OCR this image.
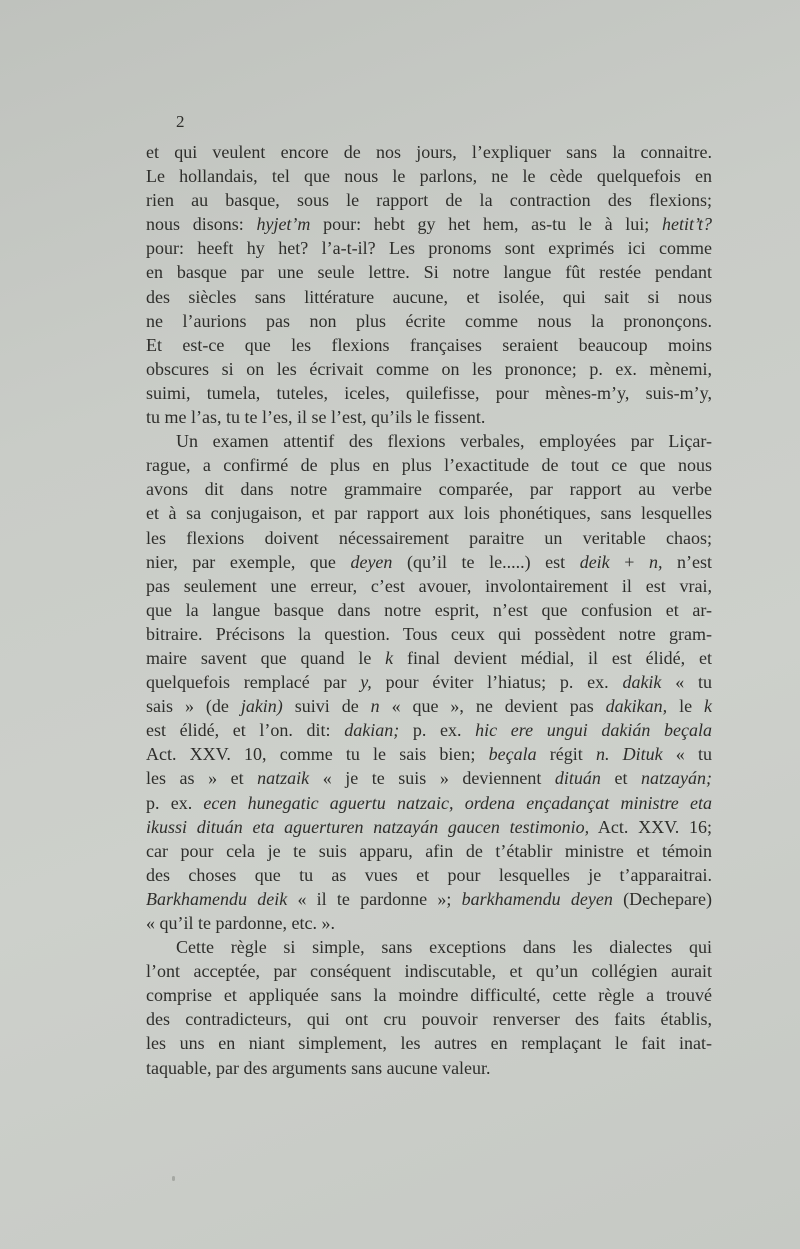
2
et qui veulent encore de nos jours, l’expliquer sans la connaitre.
Le hollandais, tel que nous le parlons, ne le cède quelquefois en
rien au basque, sous le rapport de la contraction des flexions;
nous disons: hyjet’m pour: hebt gy het hem, as-tu le à lui; hetit’t?
pour: heeft hy het? l’a-t-il? Les pronoms sont exprimés ici comme
en basque par une seule lettre. Si notre langue fût restée pendant
des siècles sans littérature aucune, et isolée, qui sait si nous
ne l’aurions pas non plus écrite comme nous la prononçons.
Et est-ce que les flexions françaises seraient beaucoup moins
obscures si on les écrivait comme on les prononce; p. ex. mènemi,
suimi, tumela, tuteles, iceles, quilefisse, pour mènes-m’y, suis-m’y,
tu me l’as, tu te l’es, il se l’est, qu’ils le fissent.
Un examen attentif des flexions verbales, employées par Liçar-
rague, a confirmé de plus en plus l’exactitude de tout ce que nous
avons dit dans notre grammaire comparée, par rapport au verbe
et à sa conjugaison, et par rapport aux lois phonétiques, sans lesquelles
les flexions doivent nécessairement paraitre un veritable chaos;
nier, par exemple, que deyen (qu’il te le.....) est deik + n, n’est
pas seulement une erreur, c’est avouer, involontairement il est vrai,
que la langue basque dans notre esprit, n’est que confusion et ar-
bitraire. Précisons la question. Tous ceux qui possèdent notre gram-
maire savent que quand le k final devient médial, il est élidé, et
quelquefois remplacé par y, pour éviter l’hiatus; p. ex. dakik « tu
sais » (de jakin) suivi de n « que », ne devient pas dakikan, le k
est élidé, et l’on. dit: dakian; p. ex. hic ere ungui dakián beçala
Act. XXV. 10, comme tu le sais bien; beçala régit n. Dituk « tu
les as » et natzaik « je te suis » deviennent dituán et natzayán;
p. ex. ecen hunegatic aguertu natzaic, ordena ençadançat ministre eta
ikussi dituán eta aguerturen natzayán gaucen testimonio, Act. XXV. 16;
car pour cela je te suis apparu, afin de t’établir ministre et témoin
des choses que tu as vues et pour lesquelles je t’apparaitrai.
Barkhamendu deik « il te pardonne »; barkhamendu deyen (Dechepare)
« qu’il te pardonne, etc. ».
Cette règle si simple, sans exceptions dans les dialectes qui
l’ont acceptée, par conséquent indiscutable, et qu’un collégien aurait
comprise et appliquée sans la moindre difficulté, cette règle a trouvé
des contradicteurs, qui ont cru pouvoir renverser des faits établis,
les uns en niant simplement, les autres en remplaçant le fait inat-
taquable, par des arguments sans aucune valeur.
